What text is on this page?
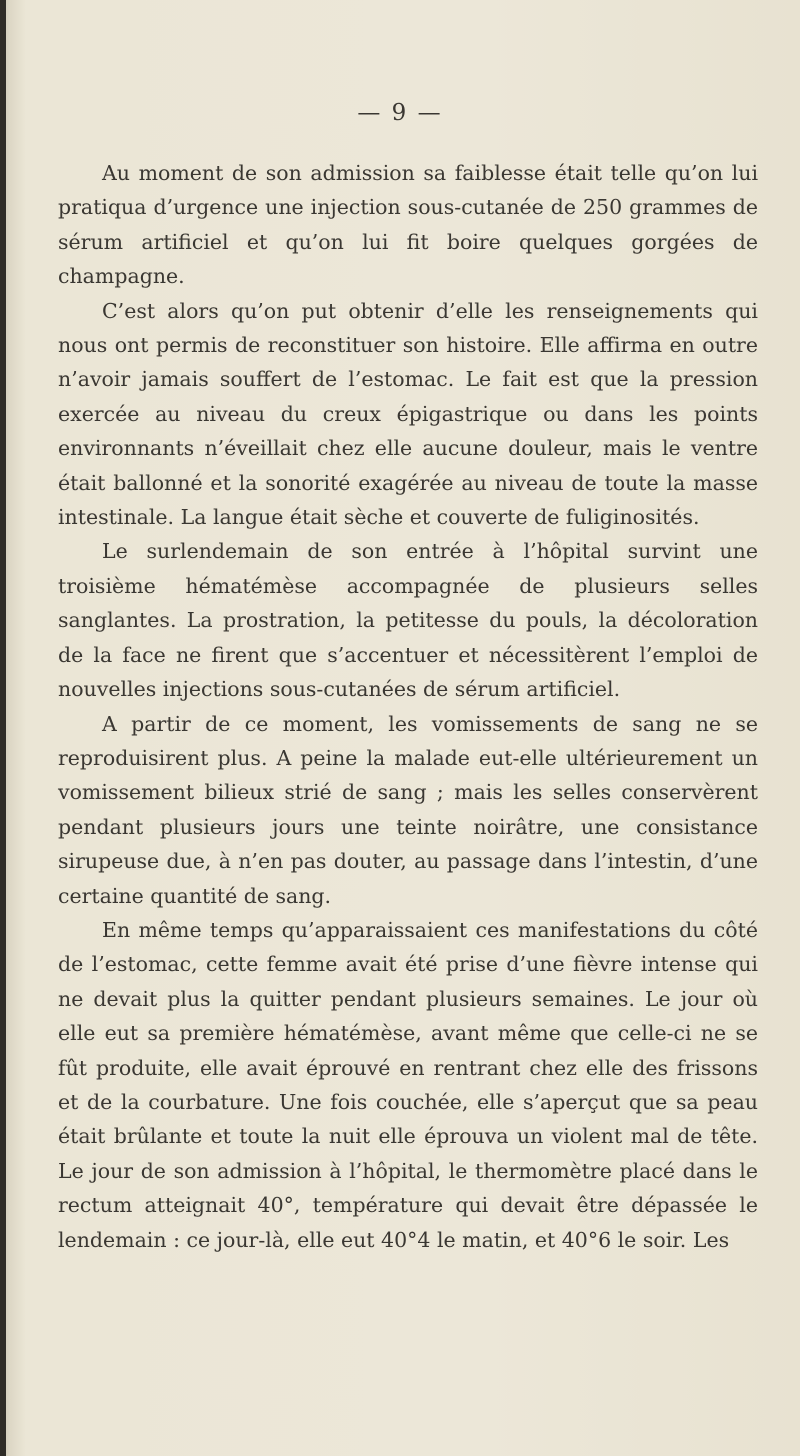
— 9 —

Au moment de son admission sa faiblesse était telle qu’on lui pratiqua d’urgence une injection sous-cutanée de 250 grammes de sérum artificiel et qu’on lui fit boire quelques gorgées de champagne.

C’est alors qu’on put obtenir d’elle les renseignements qui nous ont permis de reconstituer son histoire. Elle affirma en outre n’avoir jamais souffert de l’estomac. Le fait est que la pression exercée au niveau du creux épigastrique ou dans les points environnants n’éveillait chez elle aucune douleur, mais le ventre était ballonné et la sonorité exagérée au niveau de toute la masse intestinale. La langue était sèche et couverte de fuliginosités.

Le surlendemain de son entrée à l’hôpital survint une troisième hématémèse accompagnée de plusieurs selles sanglantes. La prostration, la petitesse du pouls, la décoloration de la face ne firent que s’accentuer et nécessitèrent l’emploi de nouvelles injections sous-cutanées de sérum artificiel.

A partir de ce moment, les vomissements de sang ne se reproduisirent plus. A peine la malade eut-elle ultérieurement un vomissement bilieux strié de sang ; mais les selles conservèrent pendant plusieurs jours une teinte noirâtre, une consistance sirupeuse due, à n’en pas douter, au passage dans l’intestin, d’une certaine quantité de sang.

En même temps qu’apparaissaient ces manifestations du côté de l’estomac, cette femme avait été prise d’une fièvre intense qui ne devait plus la quitter pendant plusieurs semaines. Le jour où elle eut sa première hématémèse, avant même que celle-ci ne se fût produite, elle avait éprouvé en rentrant chez elle des frissons et de la courbature. Une fois couchée, elle s’aperçut que sa peau était brûlante et toute la nuit elle éprouva un violent mal de tête. Le jour de son admission à l’hôpital, le thermomètre placé dans le rectum atteignait 40°, température qui devait être dépassée le lendemain : ce jour-là, elle eut 40°4 le matin, et 40°6 le soir. Les
